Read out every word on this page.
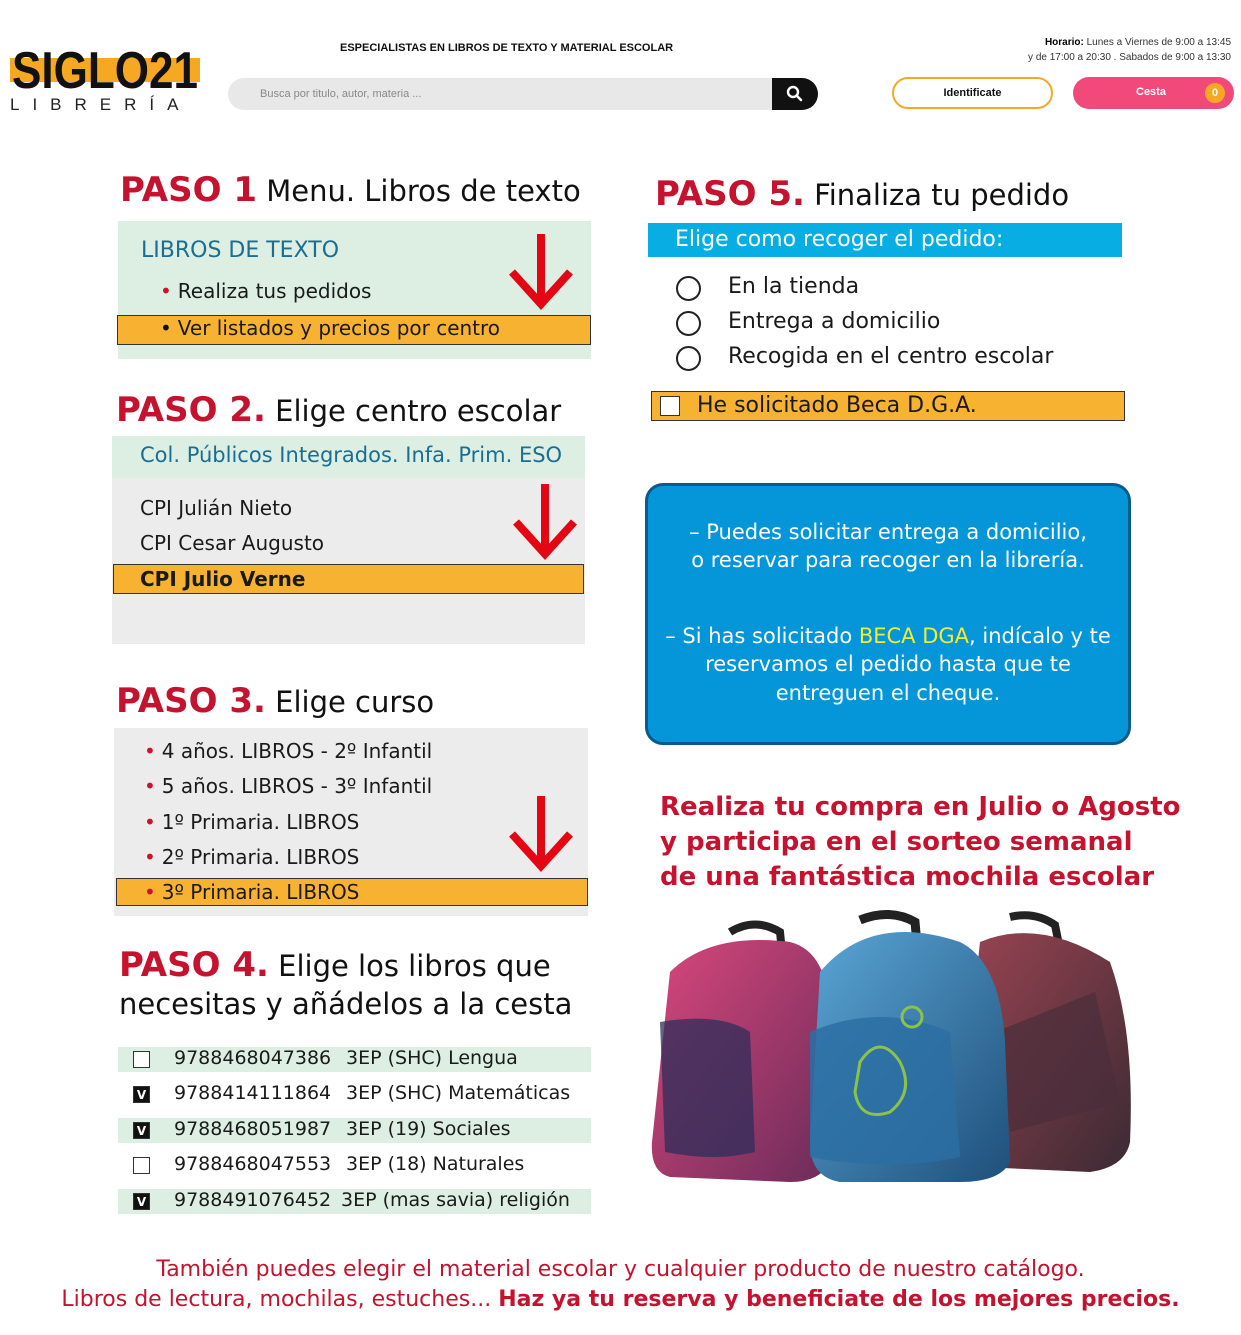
SIGLO21
LIBRERÍA
ESPECIALISTAS EN LIBROS DE TEXTO Y MATERIAL ESCOLAR
Busca por titulo, autor, materia ...	Horario: Lunes a Viernes de 9:00 a 13:45
y de 17:00 a 20:30 . Sabados de 9:00 a 13:30
Identificate	Cesta	0
PASO 1 Menu. Libros de texto
LIBROS DE TEXTO
• Realiza tus pedidos
• Ver listados y precios por centro
PASO 2. Elige centro escolar
Col. Públicos Integrados. Infa. Prim. ESO
CPI Julián Nieto
CPI Cesar Augusto
CPI Julio Verne
PASO 3. Elige curso
• 4 años. LIBROS - 2º Infantil
• 5 años. LIBROS - 3º Infantil
• 1º Primaria. LIBROS
• 2º Primaria. LIBROS
• 3º Primaria. LIBROS
PASO 4. Elige los libros que
necesitas y añádelos a la cesta
9788468047386 3EP (SHC) Lengua
V 9788414111864 3EP (SHC) Matemáticas
V 9788468051987 3EP (19) Sociales
9788468047553 3EP (18) Naturales
V 9788491076452 3EP (mas savia) religión
PASO 5. Finaliza tu pedido
Elige como recoger el pedido:
En la tienda
Entrega a domicilio
Recogida en el centro escolar
He solicitado Beca D.G.A.
– Puedes solicitar entrega a domicilio,
o reservar para recoger en la librería.
– Si has solicitado BECA DGA, indícalo y te
reservamos el pedido hasta que te
entreguen el cheque.
Realiza tu compra en Julio o Agosto
y participa en el sorteo semanal
de una fantástica mochila escolar
También puedes elegir el material escolar y cualquier producto de nuestro catálogo.
Libros de lectura, mochilas, estuches... Haz ya tu reserva y beneficiate de los mejores precios.
